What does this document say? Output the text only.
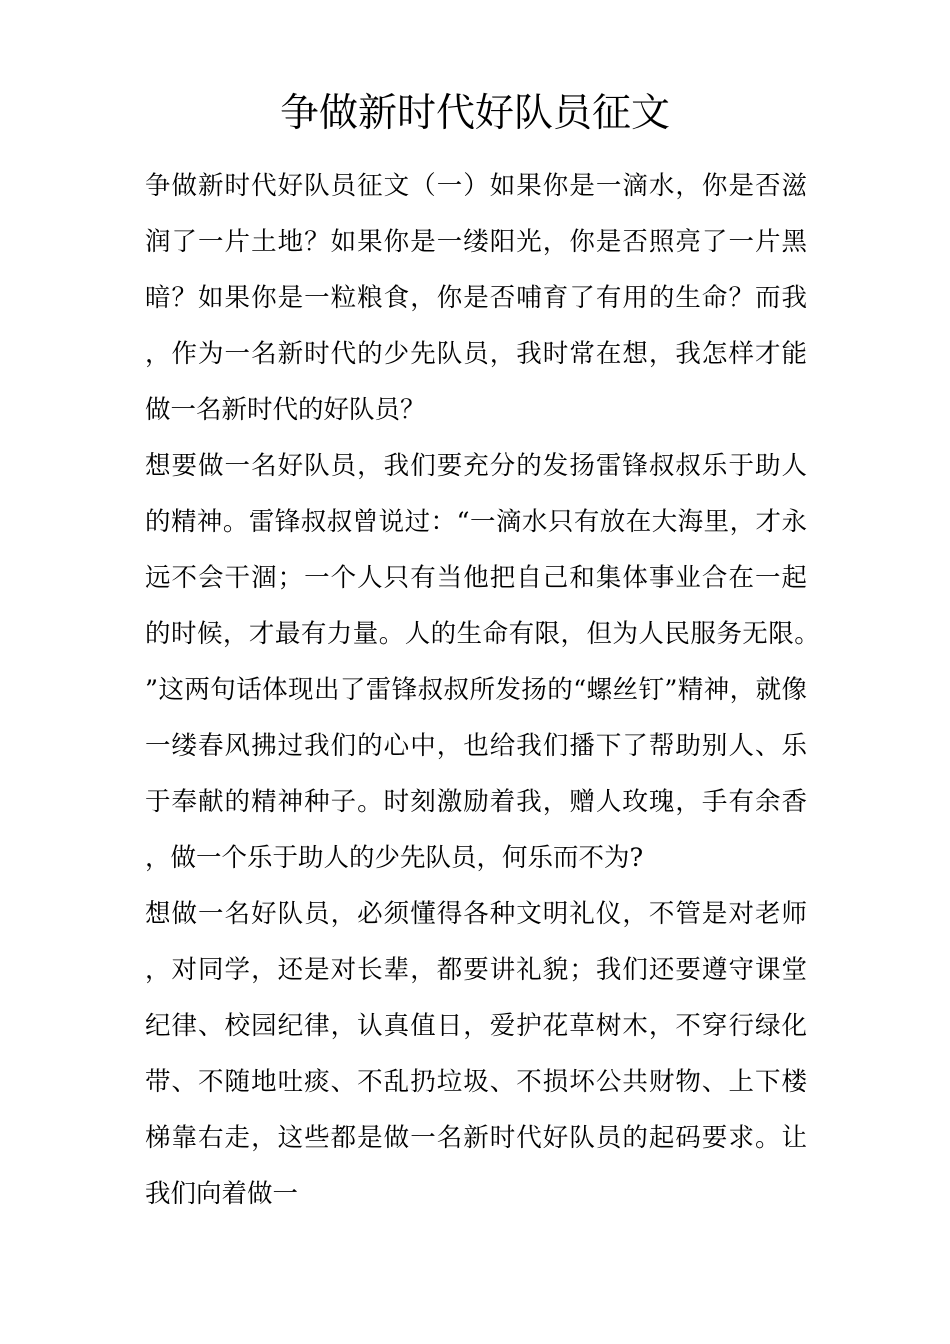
争做新时代好队员征文

争做新时代好队员征文（一）如果你是一滴水，你是否滋润了一片土地？如果你是一缕阳光，你是否照亮了一片黑暗？如果你是一粒粮食，你是否哺育了有用的生命？而我，作为一名新时代的少先队员，我时常在想，我怎样才能做一名新时代的好队员？

想要做一名好队员，我们要充分的发扬雷锋叔叔乐于助人的精神。雷锋叔叔曾说过：“一滴水只有放在大海里，才永远不会干涸；一个人只有当他把自己和集体事业合在一起的时候，才最有力量。人的生命有限，但为人民服务无限。”这两句话体现出了雷锋叔叔所发扬的“螺丝钉”精神，就像一缕春风拂过我们的心中，也给我们播下了帮助别人、乐于奉献的精神种子。时刻激励着我，赠人玫瑰，手有余香，做一个乐于助人的少先队员，何乐而不为?

想做一名好队员，必须懂得各种文明礼仪，不管是对老师，对同学，还是对长辈，都要讲礼貌；我们还要遵守课堂纪律、校园纪律，认真值日，爱护花草树木，不穿行绿化带、不随地吐痰、不乱扔垃圾、不损坏公共财物、上下楼梯靠右走，这些都是做一名新时代好队员的起码要求。让我们向着做一
